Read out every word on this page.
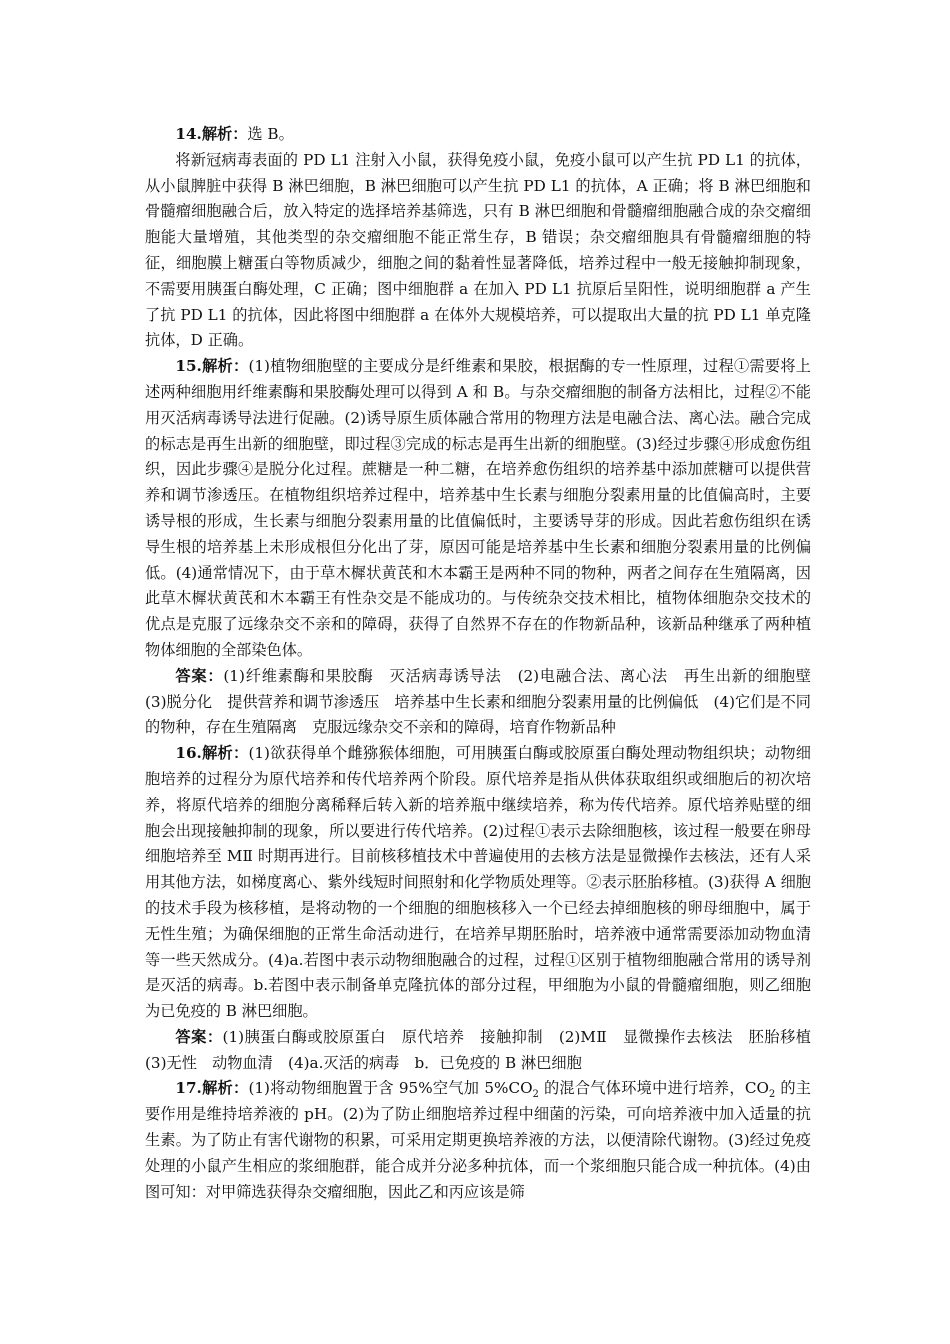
14.解析：选 B。

将新冠病毒表面的 PD L1 注射入小鼠，获得免疫小鼠，免疫小鼠可以产生抗 PD L1 的抗体，从小鼠脾脏中获得 B 淋巴细胞，B 淋巴细胞可以产生抗 PD L1 的抗体，A 正确；将 B 淋巴细胞和骨髓瘤细胞融合后，放入特定的选择培养基筛选，只有 B 淋巴细胞和骨髓瘤细胞融合成的杂交瘤细胞能大量增殖，其他类型的杂交瘤细胞不能正常生存，B 错误；杂交瘤细胞具有骨髓瘤细胞的特征，细胞膜上糖蛋白等物质减少，细胞之间的黏着性显著降低，培养过程中一般无接触抑制现象，不需要用胰蛋白酶处理，C 正确；图中细胞群 a 在加入 PD L1 抗原后呈阳性，说明细胞群 a 产生了抗 PD L1 的抗体，因此将图中细胞群 a 在体外大规模培养，可以提取出大量的抗 PD L1 单克隆抗体，D 正确。

15.解析：(1)植物细胞壁的主要成分是纤维素和果胶，根据酶的专一性原理，过程①需要将上述两种细胞用纤维素酶和果胶酶处理可以得到 A 和 B。与杂交瘤细胞的制备方法相比，过程②不能用灭活病毒诱导法进行促融。(2)诱导原生质体融合常用的物理方法是电融合法、离心法。融合完成的标志是再生出新的细胞壁，即过程③完成的标志是再生出新的细胞壁。(3)经过步骤④形成愈伤组织，因此步骤④是脱分化过程。蔗糖是一种二糖，在培养愈伤组织的培养基中添加蔗糖可以提供营养和调节渗透压。在植物组织培养过程中，培养基中生长素与细胞分裂素用量的比值偏高时，主要诱导根的形成，生长素与细胞分裂素用量的比值偏低时，主要诱导芽的形成。因此若愈伤组织在诱导生根的培养基上未形成根但分化出了芽，原因可能是培养基中生长素和细胞分裂素用量的比例偏低。(4)通常情况下，由于草木樨状黄芪和木本霸王是两种不同的物种，两者之间存在生殖隔离，因此草木樨状黄芪和木本霸王有性杂交是不能成功的。与传统杂交技术相比，植物体细胞杂交技术的优点是克服了远缘杂交不亲和的障碍，获得了自然界不存在的作物新品种，该新品种继承了两种植物体细胞的全部染色体。

答案：(1)纤维素酶和果胶酶　灭活病毒诱导法　(2)电融合法、离心法　再生出新的细胞壁　(3)脱分化　提供营养和调节渗透压　培养基中生长素和细胞分裂素用量的比例偏低　(4)它们是不同的物种，存在生殖隔离　克服远缘杂交不亲和的障碍，培育作物新品种

16.解析：(1)欲获得单个雌猕猴体细胞，可用胰蛋白酶或胶原蛋白酶处理动物组织块；动物细胞培养的过程分为原代培养和传代培养两个阶段。原代培养是指从供体获取组织或细胞后的初次培养，将原代培养的细胞分离稀释后转入新的培养瓶中继续培养，称为传代培养。原代培养贴壁的细胞会出现接触抑制的现象，所以要进行传代培养。(2)过程①表示去除细胞核，该过程一般要在卵母细胞培养至 MⅡ 时期再进行。目前核移植技术中普遍使用的去核方法是显微操作去核法，还有人采用其他方法，如梯度离心、紫外线短时间照射和化学物质处理等。②表示胚胎移植。(3)获得 A 细胞的技术手段为核移植，是将动物的一个细胞的细胞核移入一个已经去掉细胞核的卵母细胞中，属于无性生殖；为确保细胞的正常生命活动进行，在培养早期胚胎时，培养液中通常需要添加动物血清等一些天然成分。(4)a.若图中表示动物细胞融合的过程，过程①区别于植物细胞融合常用的诱导剂是灭活的病毒。b.若图中表示制备单克隆抗体的部分过程，甲细胞为小鼠的骨髓瘤细胞，则乙细胞为已免疫的 B 淋巴细胞。

答案：(1)胰蛋白酶或胶原蛋白　原代培养　接触抑制　(2)MⅡ　显微操作去核法　胚胎移植　(3)无性　动物血清　(4)a.灭活的病毒　b．已免疫的 B 淋巴细胞

17.解析：(1)将动物细胞置于含 95%空气加 $5\%CO_2$ 的混合气体环境中进行培养，$CO_2$ 的主要作用是维持培养液的 pH。(2)为了防止细胞培养过程中细菌的污染，可向培养液中加入适量的抗生素。为了防止有害代谢物的积累，可采用定期更换培养液的方法，以便清除代谢物。(3)经过免疫处理的小鼠产生相应的浆细胞群，能合成并分泌多种抗体，而一个浆细胞只能合成一种抗体。(4)由图可知：对甲筛选获得杂交瘤细胞，因此乙和丙应该是筛
